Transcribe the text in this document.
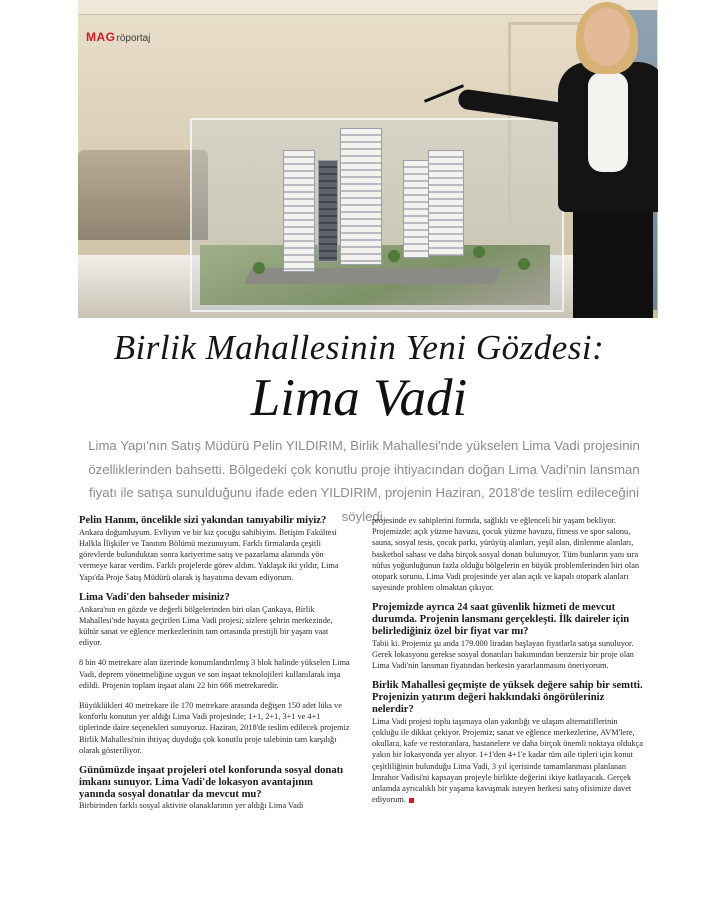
MAGröportaj
Birlik Mahallesinin Yeni Gözdesi:
Lima Vadi
Lima Yapı'nın Satış Müdürü Pelin YILDIRIM, Birlik Mahallesi'nde yükselen Lima Vadi projesinin özelliklerinden bahsetti. Bölgedeki çok konutlu proje ihtiyacından doğan Lima Vadi'nin lansman fiyatı ile satışa sunulduğunu ifade eden YILDIRIM, projenin Haziran, 2018'de teslim edileceğini söyledi.

Pelin Hanım, öncelikle sizi yakından tanıyabilir miyiz?

Ankara doğumluyum. Evliyim ve bir kız çocuğu sahibiyim. İletişim Fakültesi Halkla İlişkiler ve Tanıtım Bölümü mezunuyum. Farklı firmalarda çeşitli görevlerde bulunduktan sonra kariyerime satış ve pazarlama alanında yön vermeye karar verdim. Farklı projelerde görev aldım. Yaklaşık iki yıldır, Lima Yapı'da Proje Satış Müdürü olarak iş hayatıma devam ediyorum.

Lima Vadi'den bahseder misiniz?

Ankara'nın en gözde ve değerli bölgelerinden biri olan Çankaya, Birlik Mahallesi'nde hayata geçirilen Lima Vadi projesi; sizlere şehrin merkezinde, kültür sanat ve eğlence merkezlerinin tam ortasında prestijli bir yaşam vaat ediyor.

8 bin 40 metrekare alan üzerinde konumlandırılmış 3 blok halinde yükselen Lima Vadi, deprem yönetmeliğine uygun ve son inşaat teknolojileri kullanılarak inşa edildi. Projenin toplam inşaat alanı 22 bin 666 metrekaredir.

Büyüklükleri 40 metrekare ile 170 metrekare arasında değişen 150 adet lüks ve konforlu konutun yer aldığı Lima Vadi projesinde; 1+1, 2+1, 3+1 ve 4+1 tiplerinde daire seçenekleri sunuyoruz. Haziran, 2018'de teslim edilecek projemiz Birlik Mahallesi'nin ihtiyaç duyduğu çok konutlu proje talebinin tam karşılığı olarak gösteriliyor.

Günümüzde inşaat projeleri otel konforunda sosyal donatı imkanı sunuyor. Lima Vadi'de lokasyon avantajının yanında sosyal donatılar da mevcut mu?

Birbirinden farklı sosyal aktivite olanaklarının yer aldığı Lima Vadi

projesinde ev sahiplerini formda, sağlıklı ve eğlenceli bir yaşam bekliyor. Projemizde; açık yüzme havuzu, çocuk yüzme havuzu, fitness ve spor salonu, sauna, sosyal tesis, çocuk parkı, yürüyüş alanları, yeşil alan, dinlenme alanları, basketbol sahası ve daha birçok sosyal donatı bulunuyor. Tüm bunların yanı sıra nüfus yoğunluğunun fazla olduğu bölgelerin en büyük problemlerinden biri olan otopark sorunu, Lima Vadi projesinde yer alan açık ve kapalı otopark alanları sayesinde problem olmaktan çıkıyor.

Projemizde ayrıca 24 saat güvenlik hizmeti de mevcut durumda. Projenin lansmanı gerçekleşti. İlk daireler için belirlediğiniz özel bir fiyat var mı?

Tabii ki. Projemiz şu anda 179.000 liradan başlayan fiyatlarla satışa sunuluyor. Gerek lokasyonu gerekse sosyal donatıları bakımından benzersiz bir proje olan Lima Vadi'nin lansman fiyatından herkesin yararlanmasını öneriyorum.

Birlik Mahallesi geçmişte de yüksek değere sahip bir semtti. Projenizin yatırım değeri hakkındaki öngörüleriniz nelerdir?

Lima Vadi projesi toplu taşımaya olan yakınlığı ve ulaşım alternatiflerinin çokluğu ile dikkat çekiyor. Projemiz; sanat ve eğlence merkezlerine, AVM'lere, okullara, kafe ve restoranlara, hastanelere ve daha birçok önemli noktaya oldukça yakın bir lokasyonda yer alıyor. 1+1'den 4+1'e kadar tüm aile tipleri için konut çeşitliliğinin bulunduğu Lima Vadi, 3 yıl içerisinde tamamlanması planlanan İmrahor Vadisi'ni kapsayan projeyle birlikte değerini ikiye katlayacak. Gerçek anlamda ayrıcalıklı bir yaşama kavuşmak isteyen herkesi satış ofisimize davet ediyorum.
